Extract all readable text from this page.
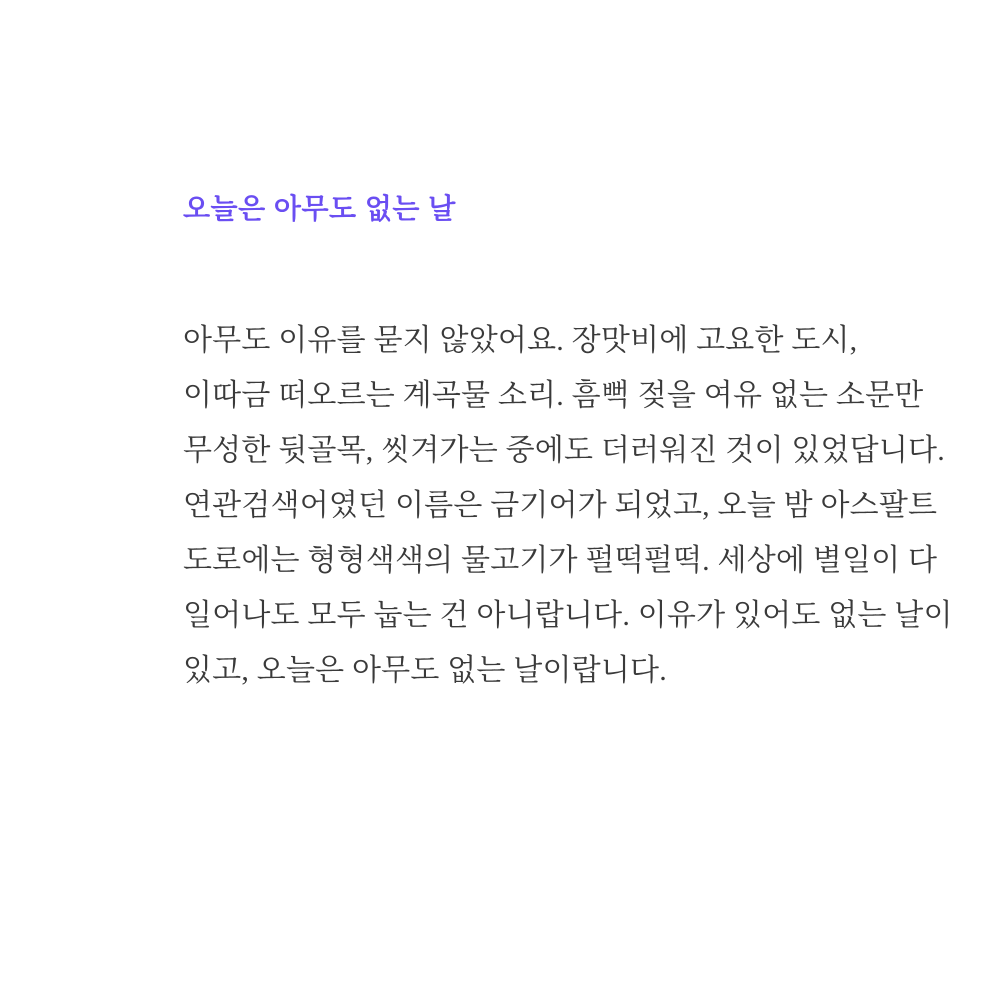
오늘은 아무도 없는 날
아무도 이유를 묻지 않았어요. 장맛비에 고요한 도시,
이따금 떠오르는 계곡물 소리. 흠뻑 젖을 여유 없는 소문만
무성한 뒷골목, 씻겨가는 중에도 더러워진 것이 있었답니다.
연관검색어였던 이름은 금기어가 되었고, 오늘 밤 아스팔트
도로에는 형형색색의 물고기가 펄떡펄떡. 세상에 별일이 다
일어나도 모두 눕는 건 아니랍니다. 이유가 있어도 없는 날이
있고, 오늘은 아무도 없는 날이랍니다.
